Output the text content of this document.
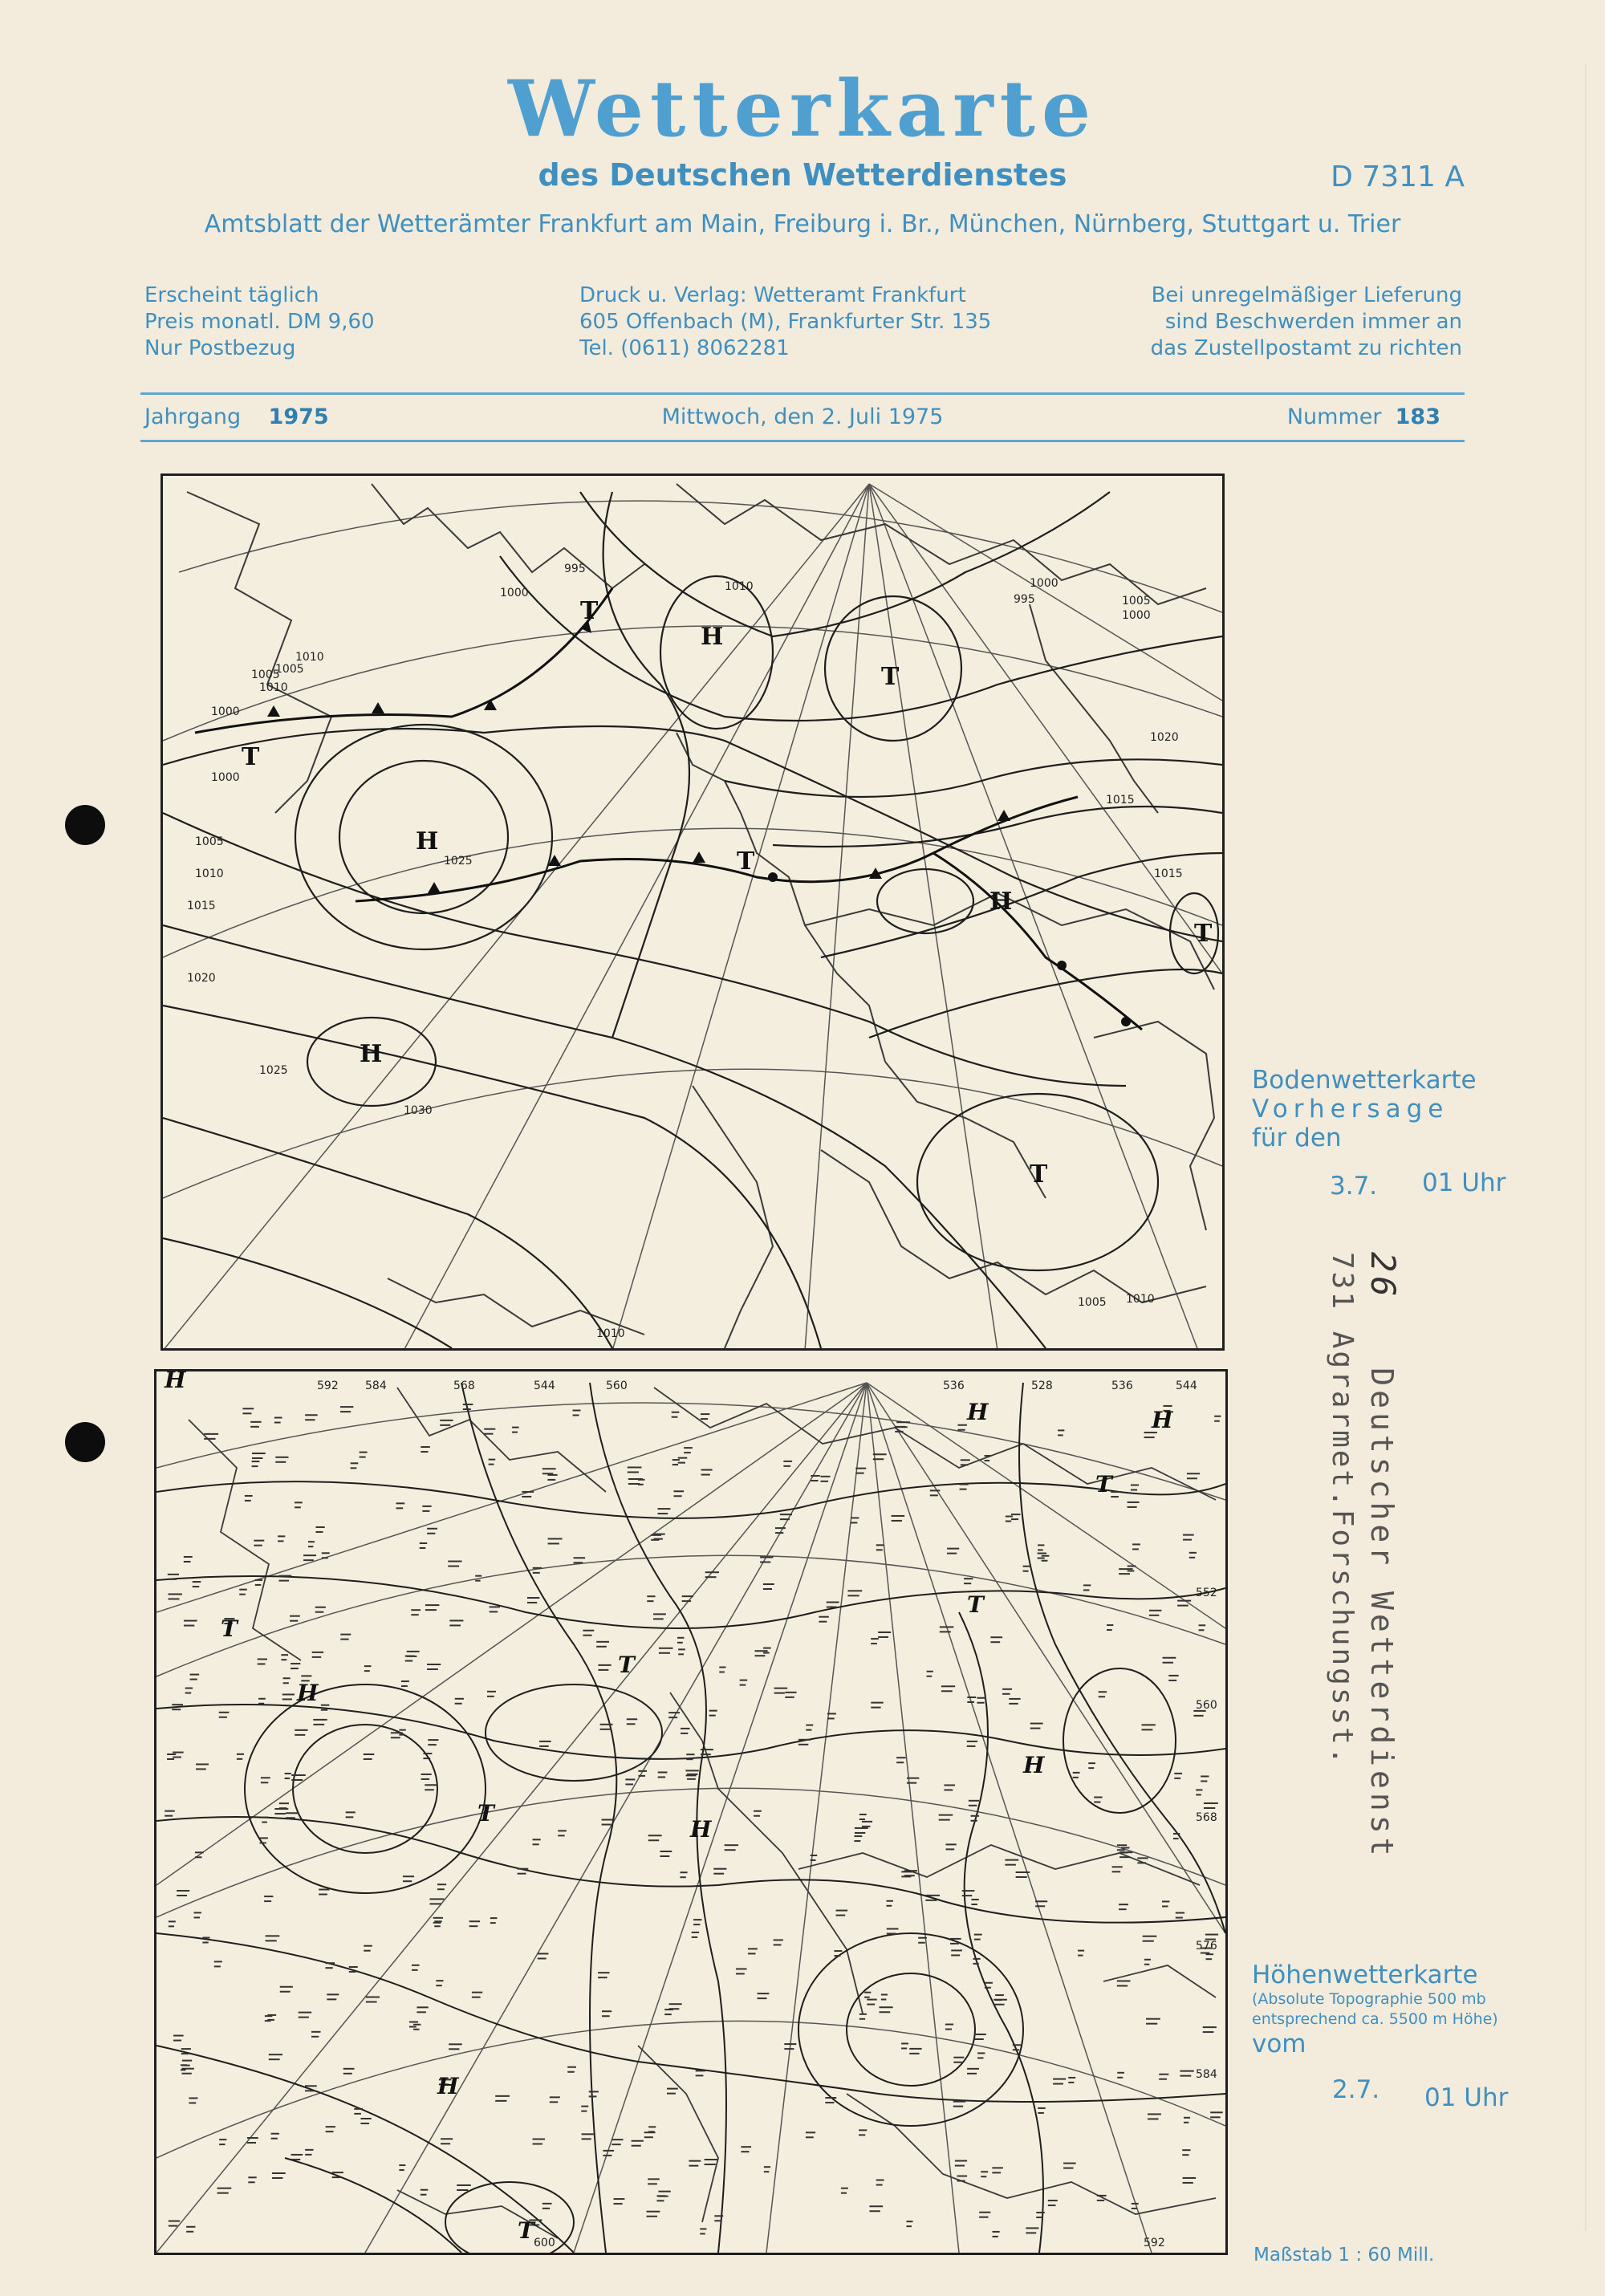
Wetterkarte
des Deutschen Wetterdienstes	D 7311 A
Amtsblatt der Wetterämter Frankfurt am Main, Freiburg i. Br., München, Nürnberg, Stuttgart u. Trier
Erscheint täglich
Preis monatl. DM 9,60
Nur Postbezug
Druck u. Verlag: Wetteramt Frankfurt
605 Offenbach (M), Frankfurter Str. 135
Tel. (0611) 8062281
Bei unregelmäßiger Lieferung
sind Beschwerden immer an
das Zustellpostamt zu richten
Jahrgang 1975	Mittwoch, den 2. Juli 1975	Nummer 183
995
1000	1010
1005
1010
1000
1005
1010
1020
1015
1025
1030
1025
1020
1015
1010
1005
1000
995
1000
1005
1000
1015
1010
1005 1010
H
H
H
H
T
T
T
T
T
T
592 584	568	560
544	536	528	536	544
552
560
568
576
584
592
600
H	H
H
H
H
H
H
T
T
T
T
T
T
Bodenwetterkarte
Vorhersage
für den
3.7. 01 Uhr
Höhenwetterkarte
(Absolute Topographie 500 mb
entsprechend ca. 5500 m Höhe)
vom
2.7. 01 Uhr
Maßstab 1 : 60 Mill.
26   Deutscher Wetterdienst
731 Agrarmet.Forschungsst.
